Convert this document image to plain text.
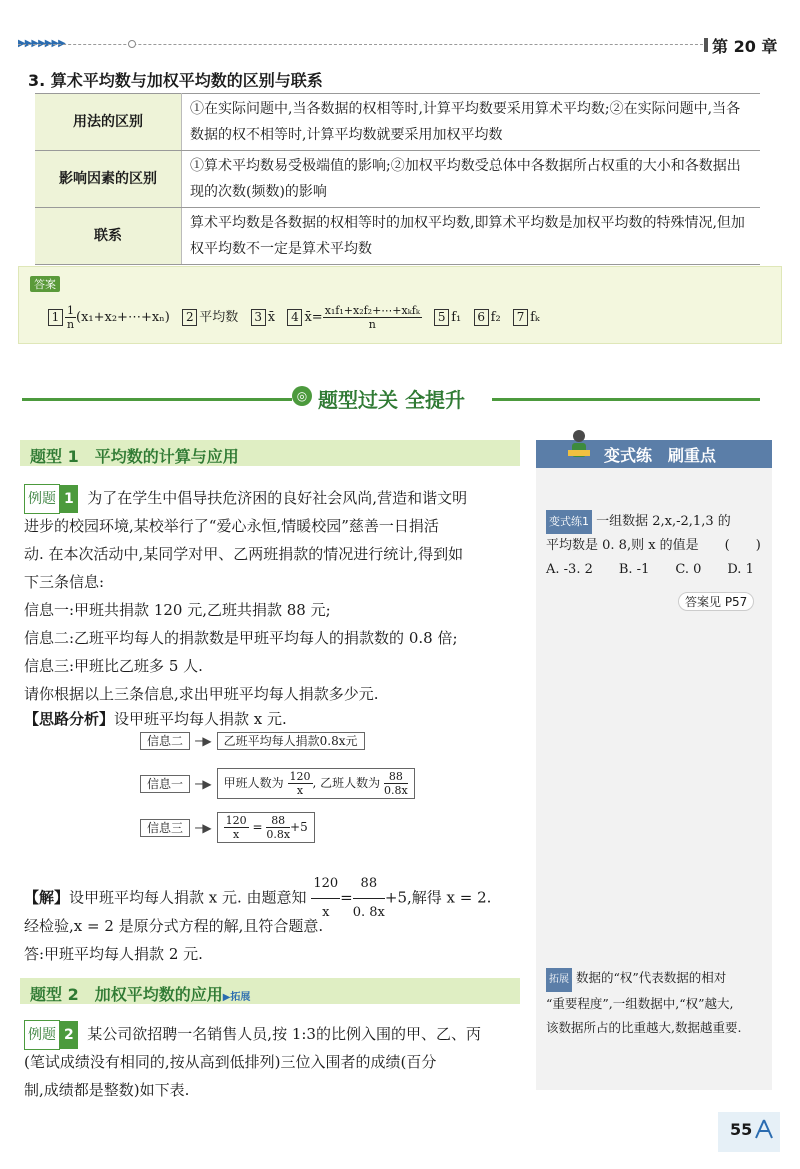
▶▶▶▶▶▶▶	第 20 章
3. 算术平均数与加权平均数的区别与联系
用法的区别	①在实际问题中,当各数据的权相等时,计算平均数要采用算术平均数;②在实际问题中,当各数据的权不相等时,计算平均数就要采用加权平均数
影响因素的区别	①算术平均数易受极端值的影响;②加权平均数受总体中各数据所占权重的大小和各数据出现的次数(频数)的影响
联系	算术平均数是各数据的权相等时的加权平均数,即算术平均数是加权平均数的特殊情况,但加权平均数不一定是算术平均数
答案
$1 \frac{1}{n}$ (x₁+x₂+⋯+xₙ) 2 平均数 3 x̄ 4 x̄= $\frac{\text{x₁f₁+x₂f₂+⋯+xₖfₖ}}{n} 5$ f₁ 6 f₂ 7 fₖ
◎ 题型过关 全提升
题型 1　平均数的计算与应用
例题 1 为了在学生中倡导扶危济困的良好社会风尚,营造和谐文明
进步的校园环境,某校举行了“爱心永恒,情暖校园”慈善一日捐活
动. 在本次活动中,某同学对甲、乙两班捐款的情况进行统计,得到如
下三条信息:
信息一:甲班共捐款 120 元,乙班共捐款 88 元;
信息二:乙班平均每人的捐款数是甲班平均每人的捐款数的 0.8 倍;
信息三:甲班比乙班多 5 人.
请你根据以上三条信息,求出甲班平均每人捐款多少元.
【思路分析】设甲班平均每人捐款 x 元.
信息二 ─▶ 乙班平均每人捐款0.8x元
信息一 ─▶ 甲班人数为 $\frac{120}{x}$ , 乙班人数为 $\frac{88}{0.8x}$
信息三 ─▶ $\frac{120}{x} = \frac{88}{0.8x} +5$
【解】设甲班平均每人捐款 x 元. 由题意知 $\frac{120}{x} = \frac{88}{0. 8x} +5$,解得 x = 2.
经检验,x = 2 是原分式方程的解,且符合题意.
答:甲班平均每人捐款 2 元.
题型 2　加权平均数的应用▶拓展
例题 2 某公司欲招聘一名销售人员,按 1:3的比例入围的甲、乙、丙
(笔试成绩没有相同的,按从高到低排列)三位入围者的成绩(百分
制,成绩都是整数)如下表.
变式练　刷重点
变式练1 一组数据 2,x,-2,1,3 的
平均数是 0. 8,则 x 的值是　　(　　)
A. -3. 2　　B. -1　　C. 0　　D. 1
答案见 P57
拓展 数据的“权”代表数据的相对
“重要程度”,一组数据中,“权”越大,
该数据所占的比重越大,数据越重要.
55
